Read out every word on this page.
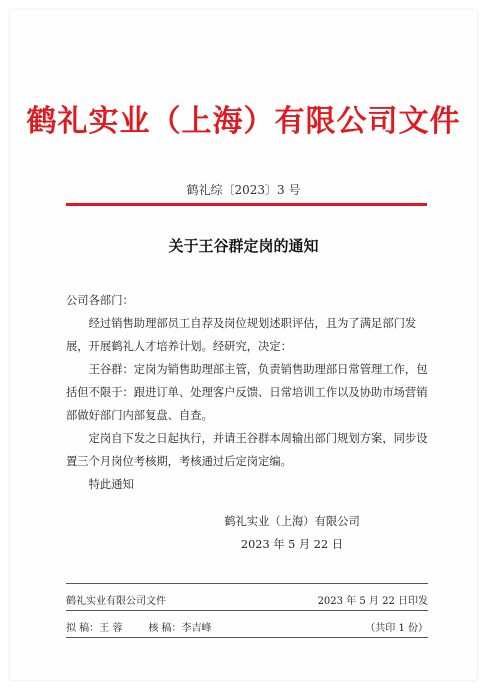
鹤礼实业（上海）有限公司文件
鹤礼综〔2023〕3 号
关于王谷群定岗的通知
公司各部门：

经过销售助理部员工自荐及岗位规划述职评估，且为了满足部门发展，开展鹤礼人才培养计划。经研究，决定：

王谷群：定岗为销售助理部主管，负责销售助理部日常管理工作，包括但不限于：跟进订单、处理客户反馈、日常培训工作以及协助市场营销部做好部门内部复盘、自查。

定岗自下发之日起执行，并请王谷群本周输出部门规划方案，同步设置三个月岗位考核期，考核通过后定岗定编。

特此通知

鹤礼实业（上海）有限公司
2023 年 5 月 22 日
鹤礼实业有限公司文件	2023 年 5 月 22 日印发
拟 稿：王 蓉	核 稿：李吉峰	（共印 1 份）
